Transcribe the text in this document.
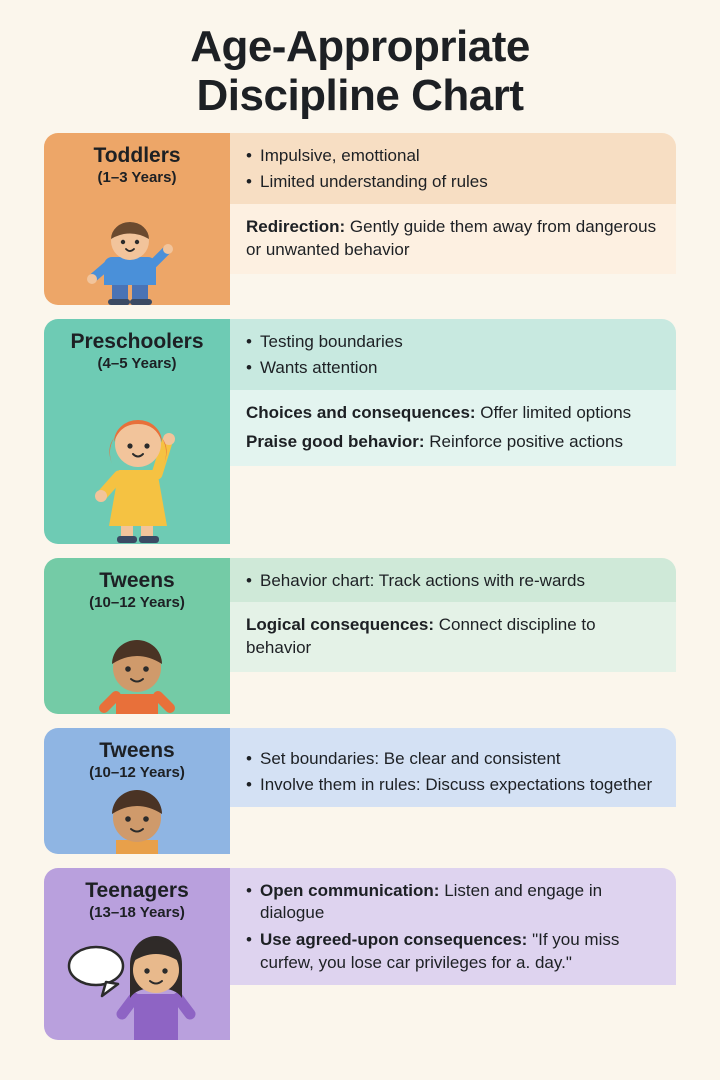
Age-Appropriate
Discipline Chart
Toddlers
(1–3 Years)
• Impulsive, emottional
• Limited understanding of rules
Redirection: Gently guide them away from dangerous or unwanted behavior
Preschoolers
(4–5 Years)
• Testing boundaries
• Wants attention
Choices and consequences: Offer limited options
Praise good behavior: Reinforce positive actions
Tweens
(10–12 Years)
• Behavior chart: Track actions with re-wards
Logical consequences: Connect discipline to behavior
Tweens
(10–12 Years)
• Set boundaries: Be clear and consistent
• Involve them in rules: Discuss expectations together
Teenagers
(13–18 Years)
• Open communication: Listen and engage in dialogue
• Use agreed-upon consequences: "If you miss curfew, you lose car privileges for a. day."
